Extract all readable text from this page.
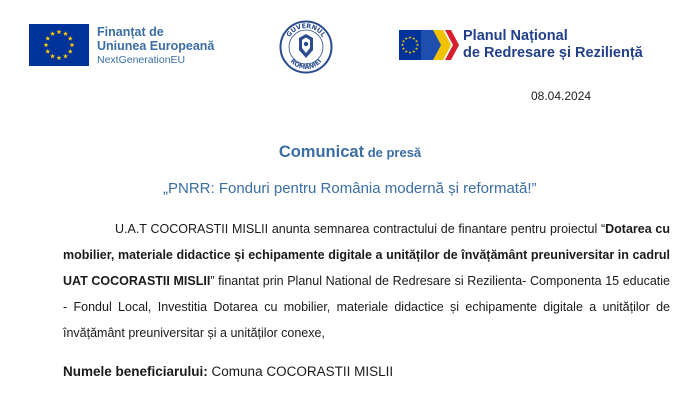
Finanțat de
Uniunea Europeană
NextGenerationEU
GUVERNUL
ROMÂNIEI
Planul Național
de Redresare și Reziliență
08.04.2024
Comunicat de presă
„PNRR: Fonduri pentru România modernă și reformată!”
U.A.T COCORASTII MISLII anunta semnarea contractului de finantare pentru proiectul “Dotarea cu mobilier, materiale didactice și echipamente digitale a unităților de învățământ preuniversitar in cadrul UAT COCORASTII MISLII” finantat prin Planul National de Redresare si Rezilienta- Componenta 15 educatie - Fondul Local, Investitia Dotarea cu mobilier, materiale didactice și echipamente digitale a unităților de învățământ preuniversitar și a unităților conexe,
Numele beneficiarului: Comuna COCORASTII MISLII
